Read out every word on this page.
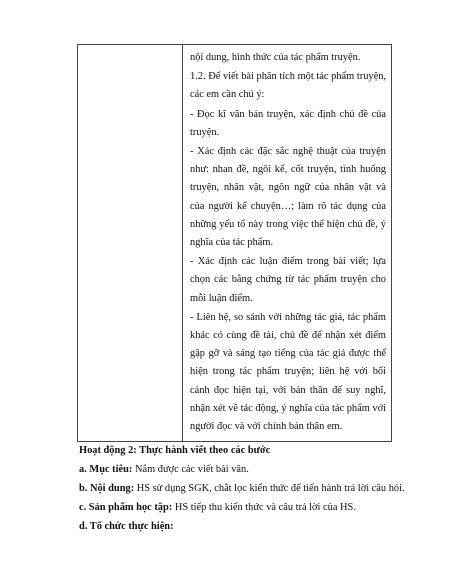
nội dung, hình thức của tác phẩm truyện.

1.2. Để viết bài phân tích một tác phẩm truyện, các em cần chú ý:

- Đọc kĩ văn bản truyện, xác định chủ đề của truyện.

- Xác định các đặc sắc nghệ thuật của truyện như: nhan đề, ngôi kể, cốt truyện, tình huống truyện, nhân vật, ngôn ngữ của nhân vật và của người kể chuyện…; làm rõ tác dụng của những yếu tố này trong việc thể hiện chủ đề, ý nghĩa của tác phẩm.

- Xác định các luận điểm trong bài viết; lựa chọn các bằng chứng từ tác phẩm truyện cho mỗi luận điểm.

- Liên hệ, so sánh với những tác giả, tác phẩm khác có cùng đề tài, chủ đề để nhận xét điểm gặp gỡ và sáng tạo tiếng của tác giả được thể hiện trong tác phẩm truyện; liên hệ với bối cảnh đọc hiện tại, với bản thân để suy nghĩ, nhận xét về tác động, ý nghĩa của tác phẩm với người đọc và với chính bản thân em.

Hoạt động 2: Thực hành viết theo các bước
a. Mục tiêu: Nắm được các viết bài văn.
b. Nội dung: HS sử dụng SGK, chắt lọc kiến thức để tiến hành trả lời câu hỏi.
c. Sản phẩm học tập: HS tiếp thu kiến thức và câu trả lời của HS.
d. Tổ chức thực hiện:
